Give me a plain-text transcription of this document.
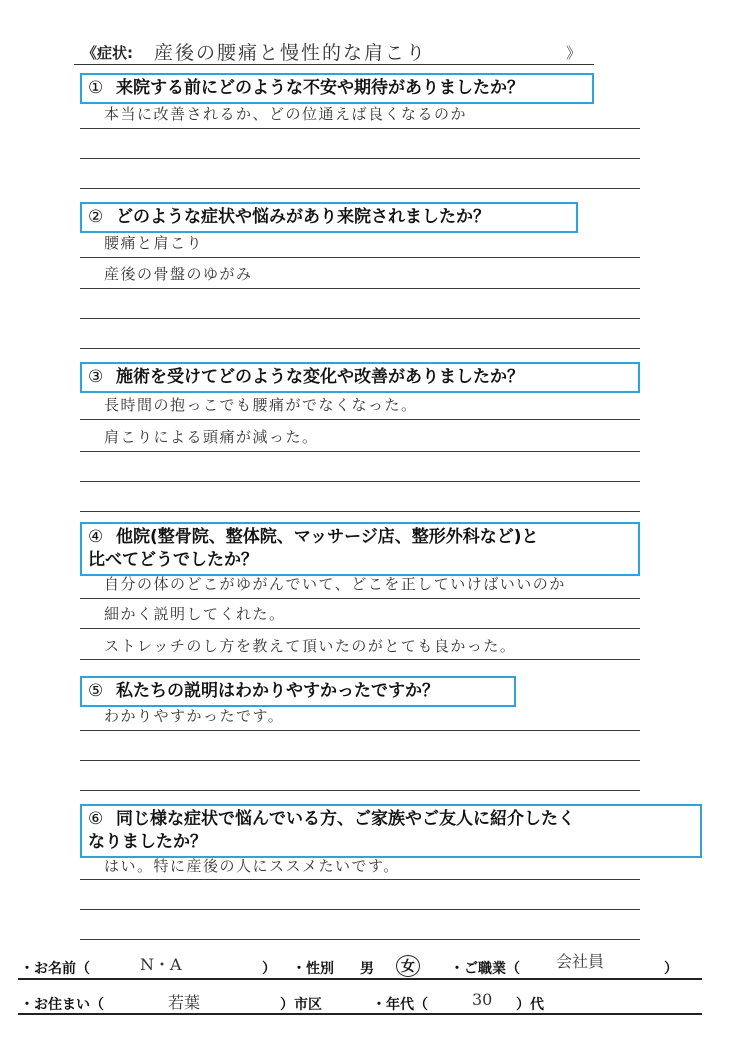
《症状: 産後の腰痛と慢性的な肩こり	》
① 来院する前にどのような不安や期待がありましたか？
本当に改善されるか、どの位通えば良くなるのか
② どのような症状や悩みがあり来院されましたか？
腰痛と肩こり
産後の骨盤のゆがみ
③ 施術を受けてどのような変化や改善がありましたか？
長時間の抱っこでも腰痛がでなくなった。
肩こりによる頭痛が減った。
④ 他院(整骨院、整体院、マッサージ店、整形外科など)と
比べてどうでしたか？
自分の体のどこがゆがんでいて、どこを正していけばいいのか
細かく説明してくれた。
ストレッチのし方を教えて頂いたのがとても良かった。
⑤ 私たちの説明はわかりやすかったですか？
わかりやすかったです。
⑥ 同じ様な症状で悩んでいる方、ご家族やご友人に紹介したく
なりましたか？
はい。特に産後の人にススメたいです。
・お名前（	N・A	） ・性別 男	女	・ご職業（ 会社員	）
・お住まい（	若葉	）市区	・年代（	30 ）代
